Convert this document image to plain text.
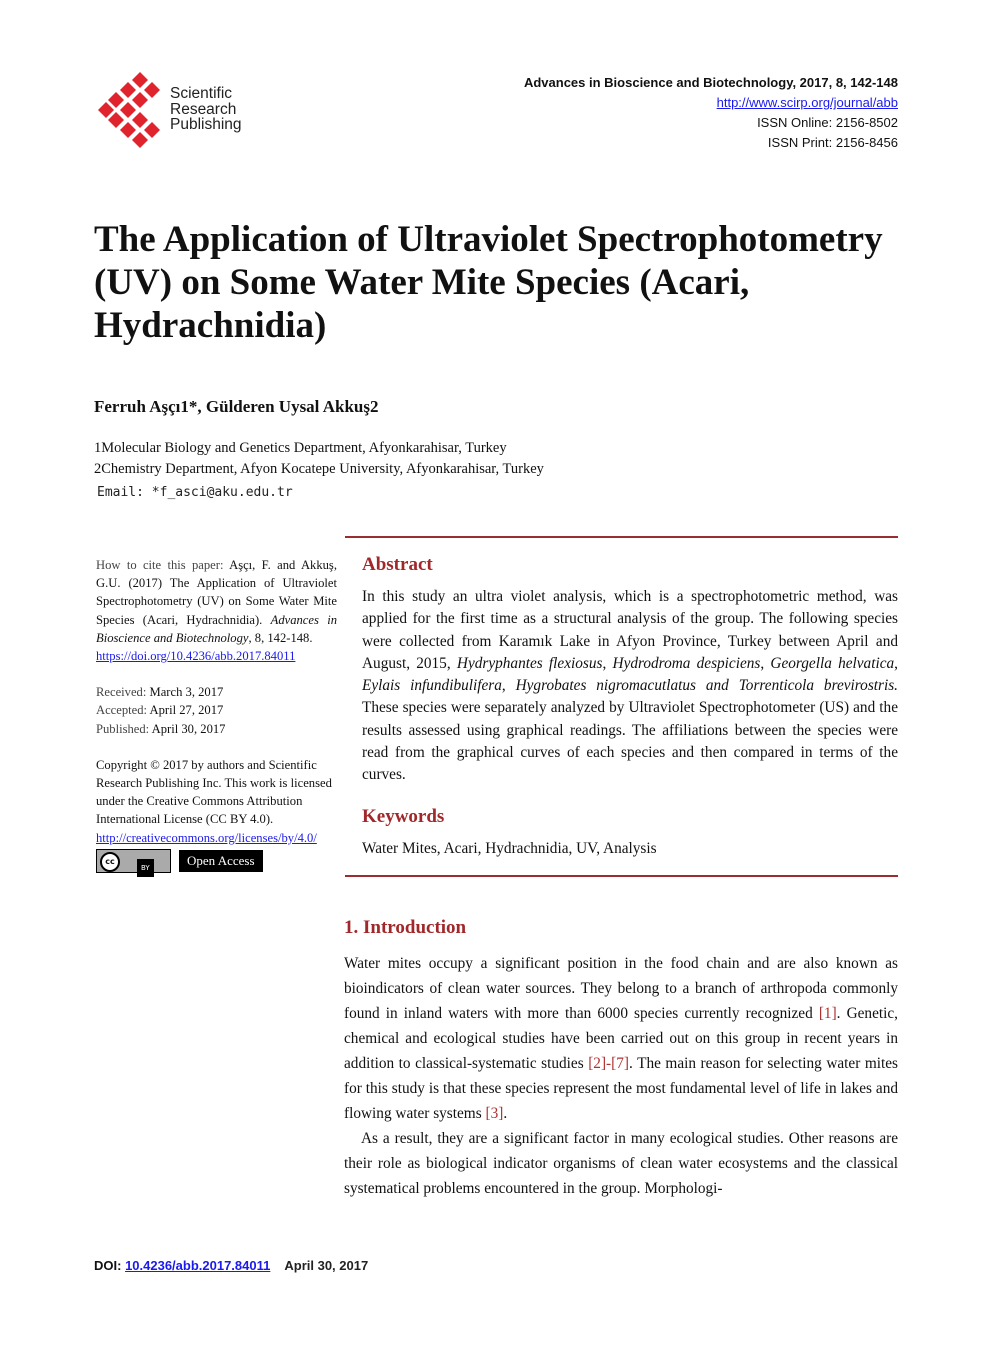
Scientific
Research
Publishing
Advances in Bioscience and Biotechnology, 2017, 8, 142-148
http://www.scirp.org/journal/abb
ISSN Online: 2156-8502
ISSN Print: 2156-8456
The Application of Ultraviolet Spectrophotometry (UV) on Some Water Mite Species (Acari, Hydrachnidia)
Ferruh Aşçı1*, Gülderen Uysal Akkuş2
1Molecular Biology and Genetics Department, Afyonkarahisar, Turkey
2Chemistry Department, Afyon Kocatepe University, Afyonkarahisar, Turkey
Email: *f_asci@aku.edu.tr
How to cite this paper: Aşçı, F. and Akkuş, G.U. (2017) The Application of Ultraviolet Spectrophotometry (UV) on Some Water Mite Species (Acari, Hydrachnidia). Advances in Bioscience and Biotechnology, 8, 142-148.
https://doi.org/10.4236/abb.2017.84011
Received: March 3, 2017
Accepted: April 27, 2017
Published: April 30, 2017
Copyright © 2017 by authors and Scientific Research Publishing Inc. This work is licensed under the Creative Commons Attribution International License (CC BY 4.0).
http://creativecommons.org/licenses/by/4.0/
cc
BY
Open Access
Abstract
In this study an ultra violet analysis, which is a spectrophotometric method, was applied for the first time as a structural analysis of the group. The following species were collected from Karamık Lake in Afyon Province, Turkey between April and August, 2015, Hydryphantes flexiosus, Hydrodroma despiciens, Georgella helvatica, Eylais infundibulifera, Hygrobates nigromacutlatus and Torrenticola brevirostris. These species were separately analyzed by Ultraviolet Spectrophotometer (US) and the results assessed using graphical readings. The affiliations between the species were read from the graphical curves of each species and then compared in terms of the curves.
Keywords
Water Mites, Acari, Hydrachnidia, UV, Analysis
1. Introduction

Water mites occupy a significant position in the food chain and are also known as bioindicators of clean water sources. They belong to a branch of arthropoda commonly found in inland waters with more than 6000 species currently recognized [1]. Genetic, chemical and ecological studies have been carried out on this group in recent years in addition to classical-systematic studies [2]-[7]. The main reason for selecting water mites for this study is that these species represent the most fundamental level of life in lakes and flowing water systems [3].

As a result, they are a significant factor in many ecological studies. Other reasons are their role as biological indicator organisms of clean water ecosystems and the classical systematical problems encountered in the group. Morphologi-

DOI: 10.4236/abb.2017.84011 April 30, 2017
